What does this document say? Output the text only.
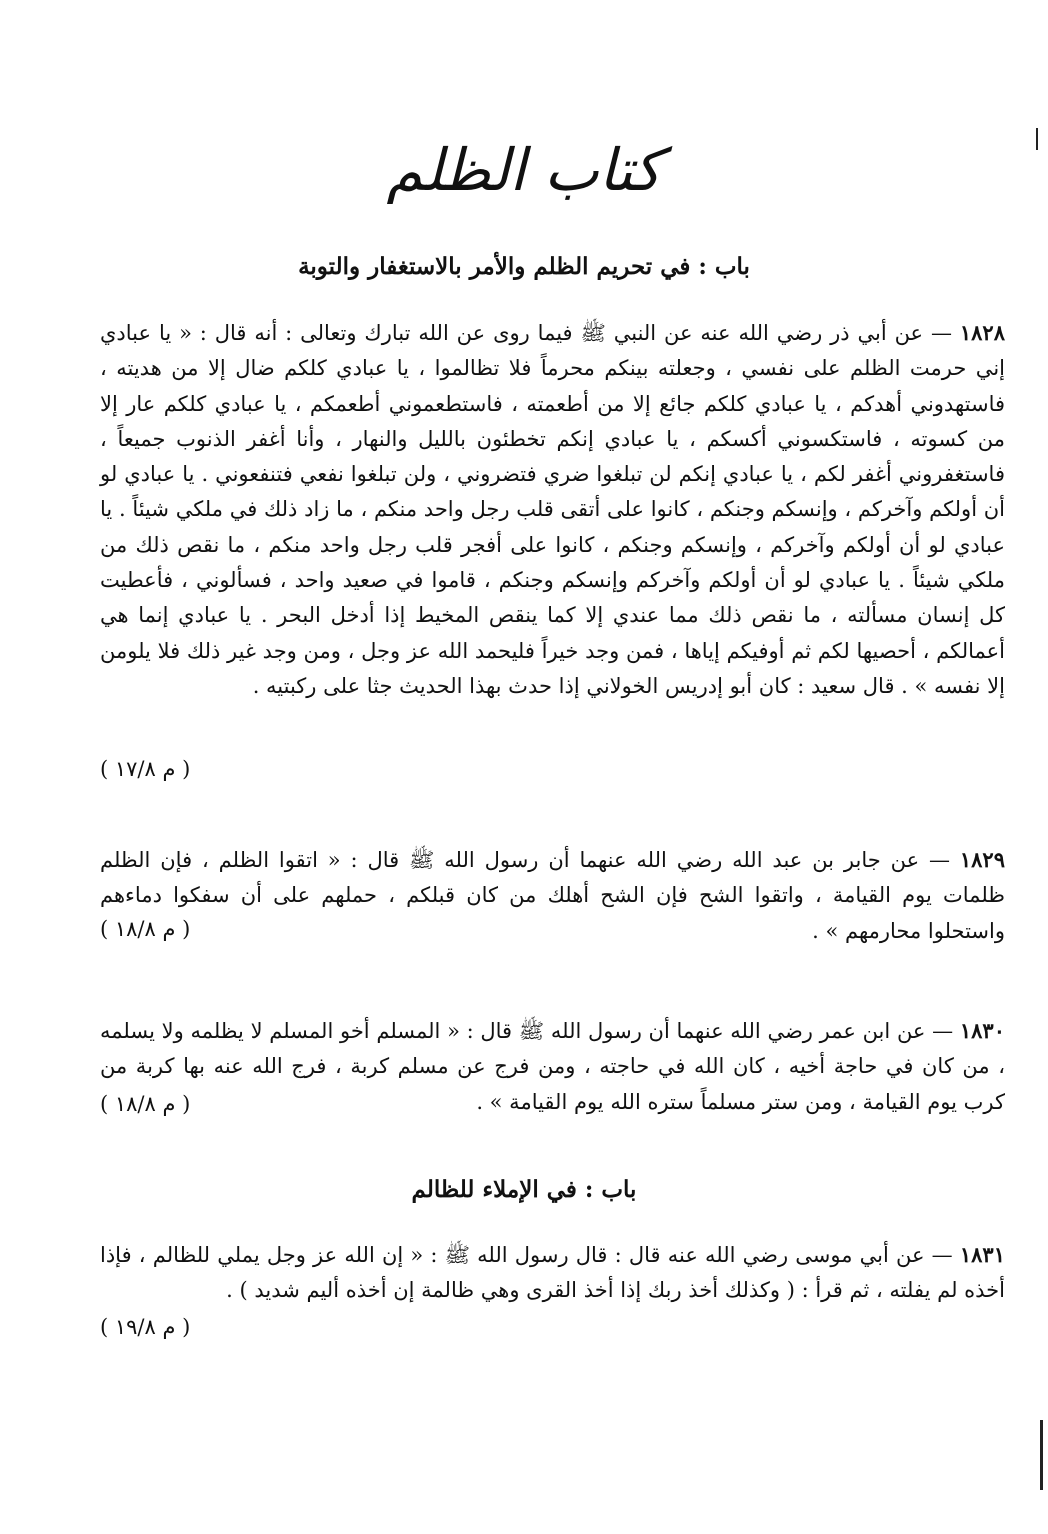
كتاب الظلم
باب : في تحريم الظلم والأمر بالاستغفار والتوبة
١٨٢٨ — عن أبي ذر رضي الله عنه عن النبي ﷺ فيما روى عن الله تبارك وتعالى : أنه قال : « يا عبادي إني حرمت الظلم على نفسي ، وجعلته بينكم محرماً فلا تظالموا ، يا عبادي كلكم ضال إلا من هديته ، فاستهدوني أهدكم ، يا عبادي كلكم جائع إلا من أطعمته ، فاستطعموني أطعمكم ، يا عبادي كلكم عار إلا من كسوته ، فاستكسوني أكسكم ، يا عبادي إنكم تخطئون بالليل والنهار ، وأنا أغفر الذنوب جميعاً ، فاستغفروني أغفر لكم ، يا عبادي إنكم لن تبلغوا ضري فتضروني ، ولن تبلغوا نفعي فتنفعوني . يا عبادي لو أن أولكم وآخركم ، وإنسكم وجنكم ، كانوا على أتقى قلب رجل واحد منكم ، ما زاد ذلك في ملكي شيئاً . يا عبادي لو أن أولكم وآخركم ، وإنسكم وجنكم ، كانوا على أفجر قلب رجل واحد منكم ، ما نقص ذلك من ملكي شيئاً . يا عبادي لو أن أولكم وآخركم وإنسكم وجنكم ، قاموا في صعيد واحد ، فسألوني ، فأعطيت كل إنسان مسألته ، ما نقص ذلك مما عندي إلا كما ينقص المخيط إذا أدخل البحر . يا عبادي إنما هي أعمالكم ، أحصيها لكم ثم أوفيكم إياها ، فمن وجد خيراً فليحمد الله عز وجل ، ومن وجد غير ذلك فلا يلومن إلا نفسه » . قال سعيد : كان أبو إدريس الخولاني إذا حدث بهذا الحديث جثا على ركبتيه .
( م ١٧/٨ )
١٨٢٩ — عن جابر بن عبد الله رضي الله عنهما أن رسول الله ﷺ قال : « اتقوا الظلم ، فإن الظلم ظلمات يوم القيامة ، واتقوا الشح فإن الشح أهلك من كان قبلكم ، حملهم على أن سفكوا دماءهم واستحلوا محارمهم » .
( م ١٨/٨ )
١٨٣٠ — عن ابن عمر رضي الله عنهما أن رسول الله ﷺ قال : « المسلم أخو المسلم لا يظلمه ولا يسلمه ، من كان في حاجة أخيه ، كان الله في حاجته ، ومن فرج عن مسلم كربة ، فرج الله عنه بها كربة من كرب يوم القيامة ، ومن ستر مسلماً ستره الله يوم القيامة » .
( م ١٨/٨ )
باب : في الإملاء للظالم
١٨٣١ — عن أبي موسى رضي الله عنه قال : قال رسول الله ﷺ : « إن الله عز وجل يملي للظالم ، فإذا أخذه لم يفلته ، ثم قرأ : ( وكذلك أخذ ربك إذا أخذ القرى وهي ظالمة إن أخذه أليم شديد ) .
( م ١٩/٨ )
